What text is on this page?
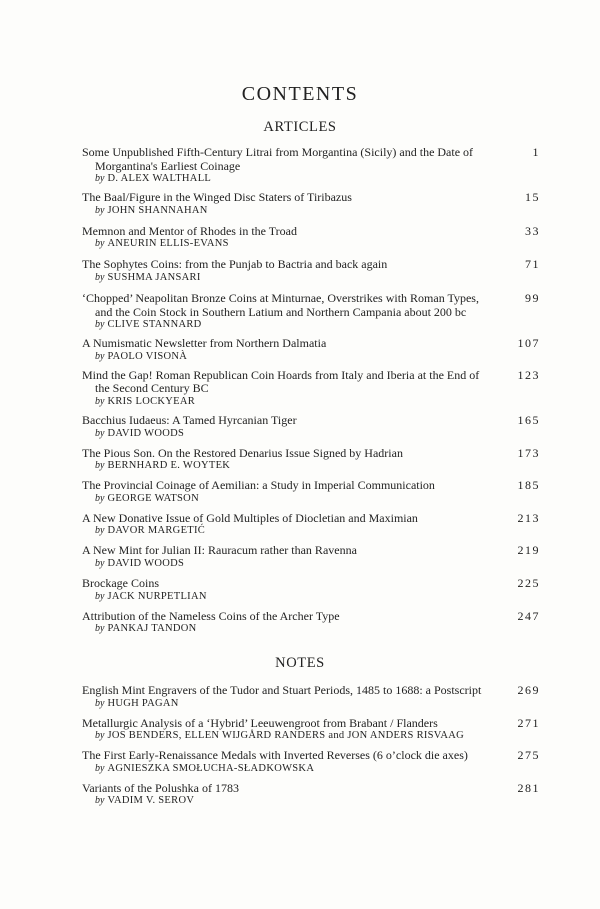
CONTENTS
ARTICLES
Some Unpublished Fifth-Century Litrai from Morgantina (Sicily) and the Date of Morgantina's Earliest Coinage
by D. ALEX WALTHALL
1
The Baal/Figure in the Winged Disc Staters of Tiribazus
by JOHN SHANNAHAN
15
Memnon and Mentor of Rhodes in the Troad
by ANEURIN ELLIS-EVANS
33
The Sophytes Coins: from the Punjab to Bactria and back again
by SUSHMA JANSARI
71
‘Chopped’ Neapolitan Bronze Coins at Minturnae, Overstrikes with Roman Types, and the Coin Stock in Southern Latium and Northern Campania about 200 bc
by CLIVE STANNARD
99
A Numismatic Newsletter from Northern Dalmatia
by PAOLO VISONÀ
107
Mind the Gap! Roman Republican Coin Hoards from Italy and Iberia at the End of the Second Century BC
by KRIS LOCKYEAR
123
Bacchius Iudaeus: A Tamed Hyrcanian Tiger
by DAVID WOODS
165
The Pious Son. On the Restored Denarius Issue Signed by Hadrian
by BERNHARD E. WOYTEK
173
The Provincial Coinage of Aemilian: a Study in Imperial Communication
by GEORGE WATSON
185
A New Donative Issue of Gold Multiples of Diocletian and Maximian
by DAVOR MARGETIĆ
213
A New Mint for Julian II: Rauracum rather than Ravenna
by DAVID WOODS
219
Brockage Coins
by JACK NURPETLIAN
225
Attribution of the Nameless Coins of the Archer Type
by PANKAJ TANDON
247
NOTES
English Mint Engravers of the Tudor and Stuart Periods, 1485 to 1688: a Postscript
by HUGH PAGAN
269
Metallurgic Analysis of a ‘Hybrid’ Leeuwengroot from Brabant / Flanders
by JOS BENDERS, ELLEN WIJGÅRD RANDERS and JON ANDERS RISVAAG
271
The First Early-Renaissance Medals with Inverted Reverses (6 o’clock die axes)
by AGNIESZKA SMOŁUCHA-SŁADKOWSKA
275
Variants of the Polushka of 1783
by VADIM V. SEROV
281
